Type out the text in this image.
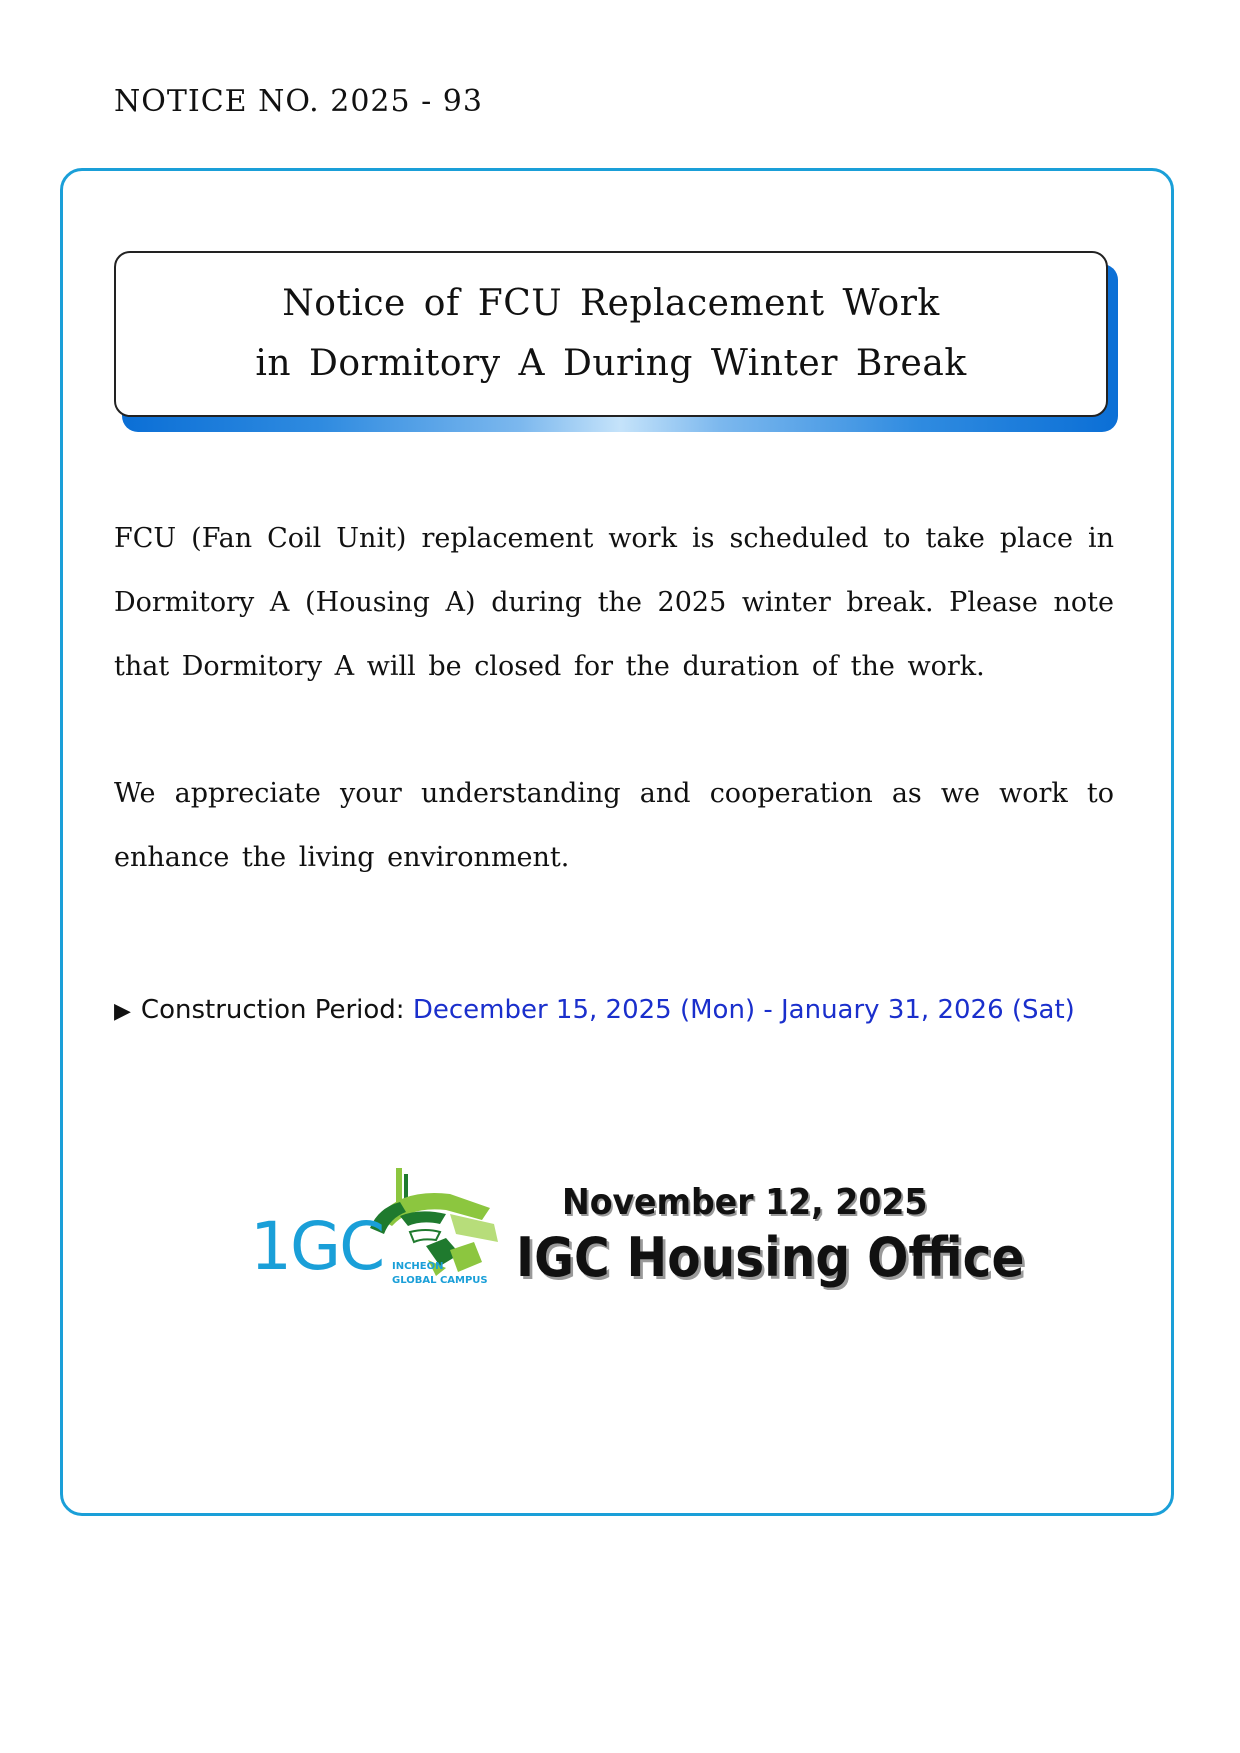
NOTICE NO. 2025 - 93
Notice of FCU Replacement Work
in Dormitory A During Winter Break

FCU (Fan Coil Unit) replacement work is scheduled to take place in Dormitory A (Housing A) during the 2025 winter break. Please note that Dormitory A will be closed for the duration of the work.

We appreciate your understanding and cooperation as we work to enhance the living environment.

▶ Construction Period: December 15, 2025 (Mon) - January 31, 2026 (Sat)
1GC INCHEON
GLOBAL CAMPUS
November 12, 2025
IGC Housing Office
